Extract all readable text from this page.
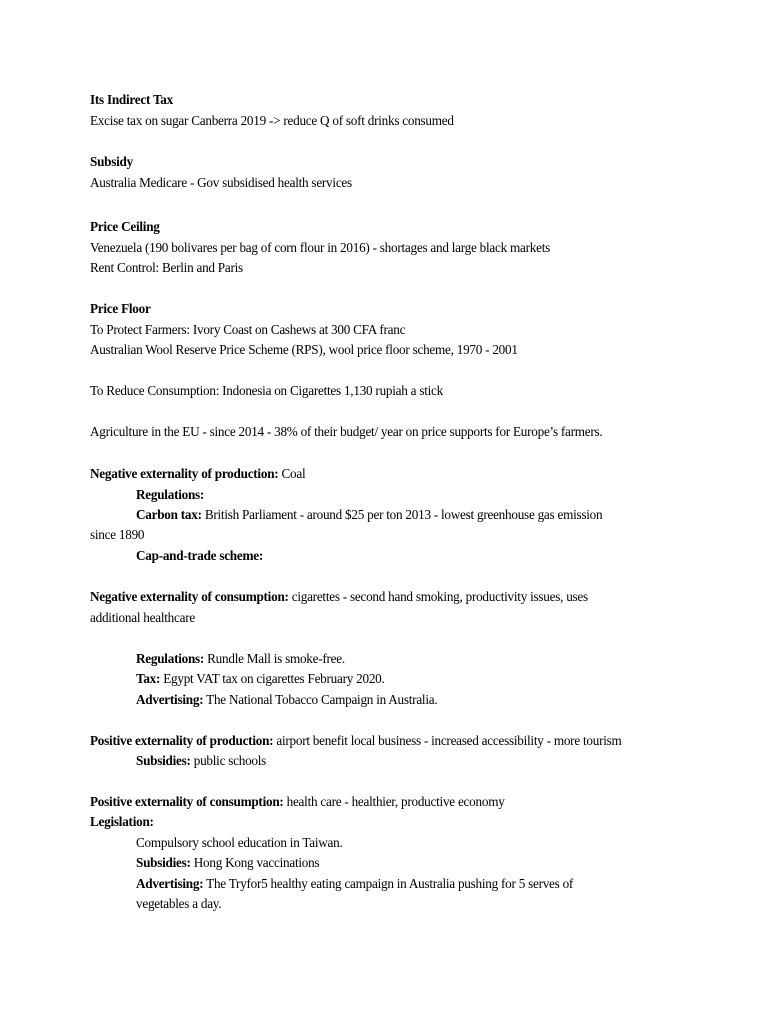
Its Indirect Tax
Excise tax on sugar Canberra 2019 -> reduce Q of soft drinks consumed
Subsidy
Australia Medicare - Gov subsidised health services
Price Ceiling
Venezuela (190 bolivares per bag of corn flour in 2016) - shortages and large black markets
Rent Control: Berlin and Paris
Price Floor
To Protect Farmers: Ivory Coast on Cashews at 300 CFA franc
Australian Wool Reserve Price Scheme (RPS), wool price floor scheme, 1970 - 2001
To Reduce Consumption: Indonesia on Cigarettes 1,130 rupiah a stick
Agriculture in the EU - since 2014 - 38% of their budget/ year on price supports for Europe’s farmers.
Negative externality of production: Coal
Regulations:
Carbon tax: British Parliament - around $25 per ton 2013 - lowest greenhouse gas emission
since 1890
Cap-and-trade scheme:
Negative externality of consumption: cigarettes - second hand smoking, productivity issues, uses
additional healthcare
Regulations: Rundle Mall is smoke-free.
Tax: Egypt VAT tax on cigarettes February 2020.
Advertising: The National Tobacco Campaign in Australia.
Positive externality of production: airport benefit local business - increased accessibility - more tourism
Subsidies: public schools
Positive externality of consumption: health care - healthier, productive economy
Legislation:
Compulsory school education in Taiwan.
Subsidies: Hong Kong vaccinations
Advertising: The Tryfor5 healthy eating campaign in Australia pushing for 5 serves of
vegetables a day.
